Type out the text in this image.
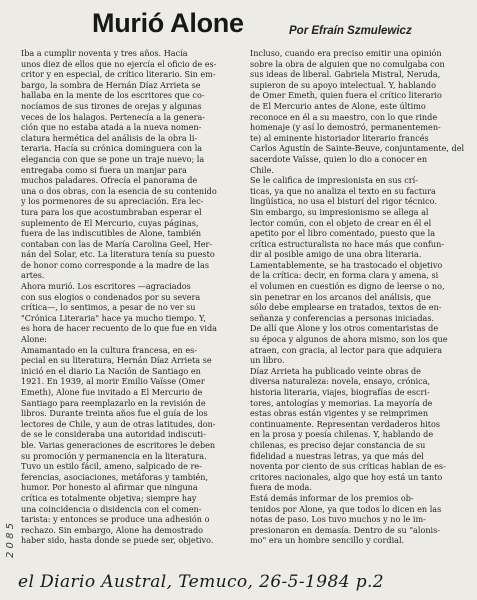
Murió Alone	Por Efraín Szmulewicz
Iba a cumplir noventa y tres años. Hacía
unos diez de ellos que no ejercía el oficio de es-
critor y en especial, de crítico literario. Sin em-
bargo, la sombra de Hernán Díaz Arrieta se
hallaba en la mente de los escritores que co-
nocíamos de sus tirones de orejas y algunas
veces de los halagos. Pertenecía a la genera-
ción que no estaba atada a la nueva nomen-
clatura hermética del análisis de la obra li-
teraria. Hacía su crónica dominguera con la
elegancia con que se pone un traje nuevo; la
entregaba como si fuera un manjar para
muchos paladares. Ofrecía el panorama de
una o dos obras, con la esencia de su contenido
y los pormenores de su apreciación. Era lec-
tura para los que acostumbraban esperar el
suplemento de El Mercurio, cuyas páginas,
fuera de las indiscutibles de Alone, también
contaban con las de María Carolina Geel, Her-
nán del Solar, etc. La literatura tenía su puesto
de honor como corresponde a la madre de las
artes.
Ahora murió. Los escritores —agraciados
con sus elogios o condenados por su severa
crítica—, lo sentimos, a pesar de no ver su
"Crónica Literaria" hace ya mucho tiempo. Y,
es hora de hacer recuento de lo que fue en vida
Alone:
Amamantado en la cultura francesa, en es-
pecial en su literatura, Hernán Díaz Arrieta se
inició en el diario La Nación de Santiago en
1921. En 1939, al morir Emilio Vaïsse (Omer
Emeth), Alone fue invitado a El Mercurio de
Santiago para reemplazarlo en la revisión de
libros. Durante treinta años fue el guía de los
lectores de Chile, y aun de otras latitudes, don-
de se le consideraba una autoridad indiscuti-
ble. Varias generaciones de escritores le deben
su promoción y permanencia en la literatura.
Tuvo un estilo fácil, ameno, salpicado de re-
ferencias, asociaciones, metáforas y también,
humor. Por honesto al afirmar que ninguna
crítica es totalmente objetiva; siempre hay
una coincidencia o disidencia con el comen-
tarista: y entonces se produce una adhesión o
rechazo. Sin embargo, Alone ha demostrado
haber sido, hasta donde se puede ser, objetivo.
Incluso, cuando era preciso emitir una opinión
sobre la obra de alguien que no comulgaba con
sus ideas de liberal. Gabriela Mistral, Neruda,
supieron de su apoyo intelectual. Y, hablando
de Omer Emeth, quien fuera el crítico literario
de El Mercurio antes de Alone, este último
reconoce en él a su maestro, con lo que rinde
homenaje (y así lo demostró, permanentemen-
te) al eminente historiador literario francés
Carlos Agustín de Sainte-Beuve, conjuntamente, del
sacerdote Vaïsse, quien lo dio a conocer en
Chile.
Se le califica de impresionista en sus crí-
ticas, ya que no analiza el texto en su factura
lingüística, no usa el bisturí del rigor técnico.
Sin embargo, su impresionismo se allega al
lector común, con el objeto de crear en él el
apetito por el libro comentado, puesto que la
crítica estructuralista no hace más que confun-
dir al posible amigo de una obra literaria.
Lamentablemente, se ha trastocado el objetivo
de la crítica: decir, en forma clara y amena, si
el volumen en cuestión es digno de leerse o no,
sin penetrar en los arcanos del análisis, que
sólo debe emplearse en tratados, textos de en-
señanza y conferencias a personas iniciadas.
De allí que Alone y los otros comentaristas de
su época y algunos de ahora mismo, son los que
atraen, con gracia, al lector para que adquiera
un libro.
Díaz Arrieta ha publicado veinte obras de
diversa naturaleza: novela, ensayo, crónica,
historia literaria, viajes, biografías de escri-
tores, antologías y memorias. La mayoría de
estas obras están vigentes y se reimprimen
continuamente. Representan verdaderos hitos
en la prosa y poesía chilenas. Y, hablando de
chilenas, es preciso dejar constancia de su
fidelidad a nuestras letras, ya que más del
noventa por ciento de sus críticas hablan de es-
critores nacionales, algo que hoy está un tanto
fuera de moda.
Está demás informar de los premios ob-
tenidos por Alone, ya que todos lo dicen en las
notas de paso. Los tuvo muchos y no le im-
presionaron en demasía. Dentro de su "alonis-
mo" era un hombre sencillo y cordial.
2 0 8 5
el Diario Austral, Temuco, 26-5-1984 p.2
